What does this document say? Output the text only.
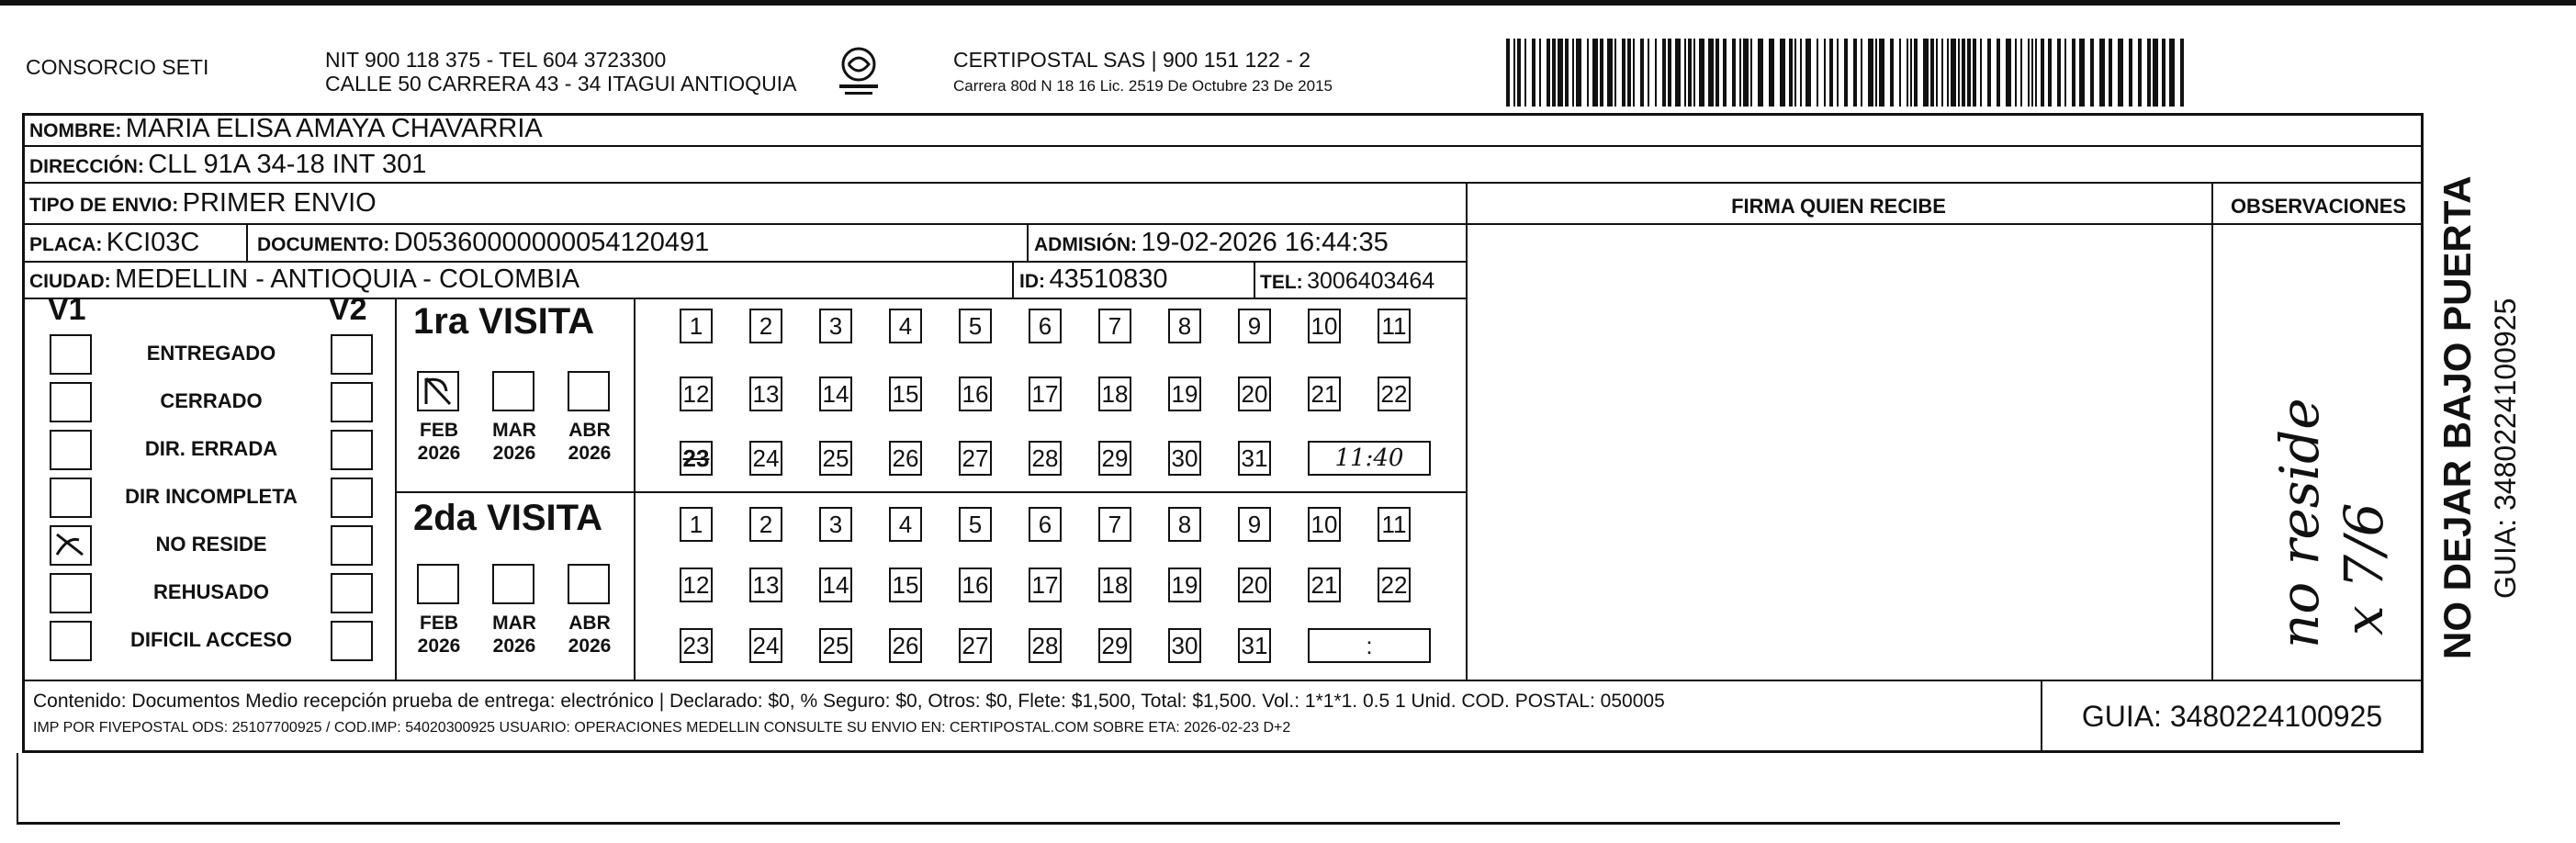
CONSORCIO SETI	NIT 900 118 375 - TEL 604 3723300
CALLE 50 CARRERA 43 - 34 ITAGUI ANTIOQUIA
CERTIPOSTAL SAS | 900 151 122 - 2
Carrera 80d N 18 16 Lic. 2519 De Octubre 23 De 2015
NOMBRE: MARIA ELISA AMAYA CHAVARRIA
DIRECCIÓN: CLL 91A 34-18 INT 301
TIPO DE ENVIO: PRIMER ENVIO
PLACA: KCI03C	DOCUMENTO: D05360000000054120491	ADMISIÓN: 19-02-2026 16:44:35
CIUDAD: MEDELLIN - ANTIOQUIA - COLOMBIA	ID: 43510830	TEL: 3006403464
FIRMA QUIEN RECIBE	OBSERVACIONES
V1	V2
ENTREGADO
CERRADO
DIR. ERRADA
DIR INCOMPLETA
NO RESIDE
REHUSADO
DIFICIL ACCESO
1ra VISITA
2da VISITA
FEB
2026
MAR
2026
ABR
2026
FEB
2026
MAR
2026
ABR
2026
1	2	3	4	5	6	7	8	9	10 11
12 13 14 15 16 17 18 19 20 21 22
23 24 25 26 27 28 29 30 31	11:40
1	2	3	4	5	6	7	8	9	10 11
12 13 14 15 16 17 18 19 20 21 22
23 24 25 26 27 28 29 30 31	:
Contenido: Documentos Medio recepción prueba de entrega: electrónico | Declarado: $0, % Seguro: $0, Otros: $0, Flete: $1,500, Total: $1,500. Vol.: 1*1*1. 0.5 1 Unid. COD. POSTAL: 050005
IMP POR FIVEPOSTAL ODS: 25107700925 / COD.IMP: 54020300925 USUARIO: OPERACIONES MEDELLIN CONSULTE SU ENVIO EN: CERTIPOSTAL.COM SOBRE ETA: 2026-02-23 D+2	GUIA: 3480224100925
NO DEJAR BAJO PUERTA GUIA: 3480224100925
no reside x 7/6
